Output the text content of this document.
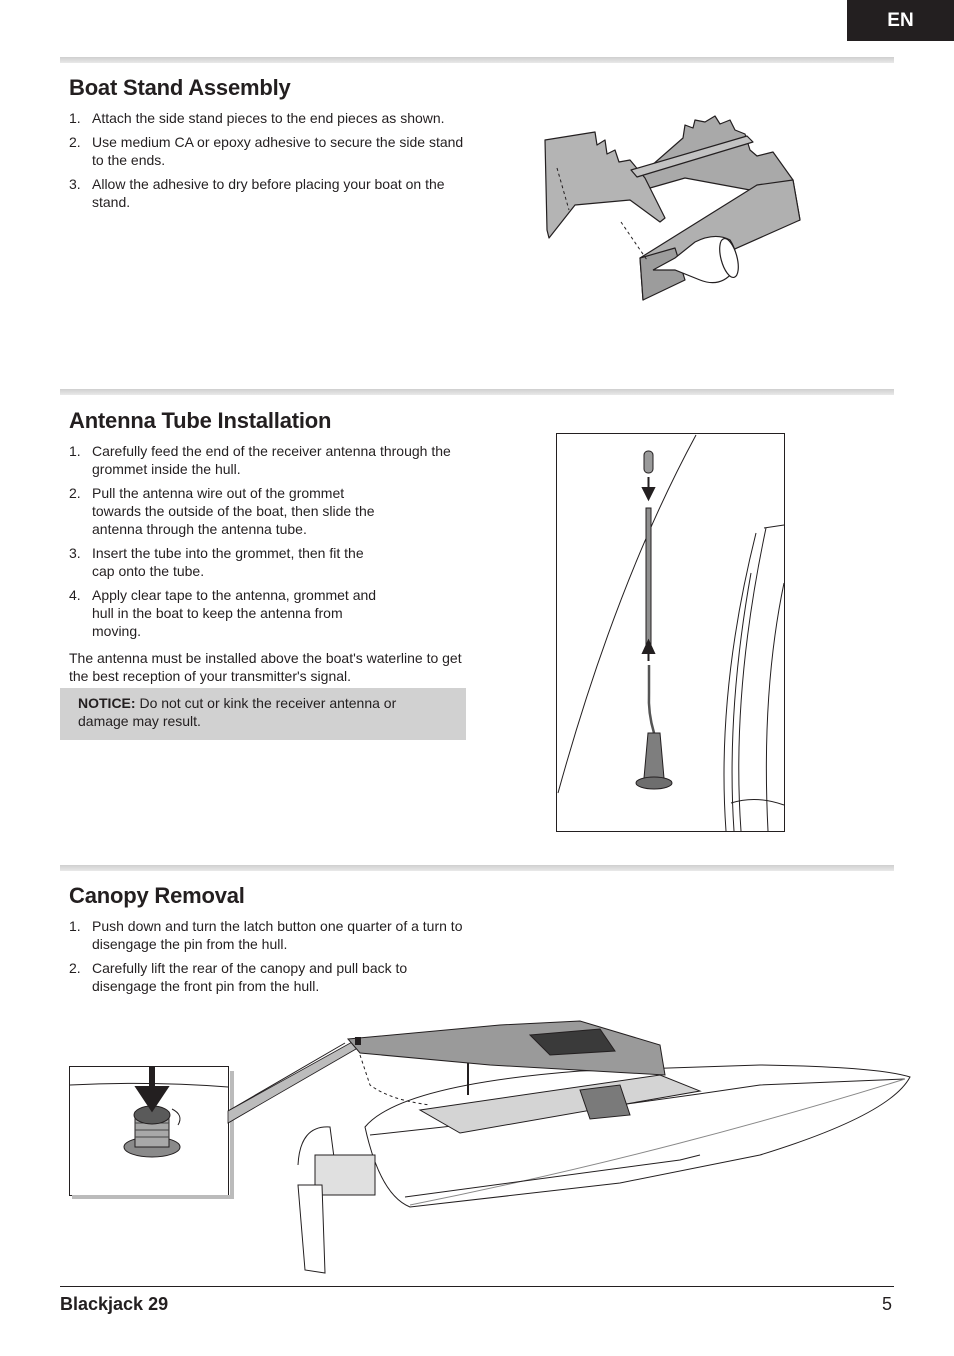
EN
Boat Stand Assembly
1. Attach the side stand pieces to the end pieces as shown.
2. Use medium CA or epoxy adhesive to secure the side stand to the ends.
3. Allow the adhesive to dry before placing your boat on the stand.
Antenna Tube Installation
1. Carefully feed the end of the receiver antenna through the grommet inside the hull.
2. Pull the antenna wire out of the grommet towards the outside of the boat, then slide the antenna through the antenna tube.
3. Insert the tube into the grommet, then fit the cap onto the tube.
4. Apply clear tape to the antenna, grommet and hull in the boat to keep the antenna from moving.

The antenna must be installed above the boat's waterline to get the best reception of your transmitter's signal.

NOTICE: Do not cut or kink the receiver antenna or damage may result.
Canopy Removal
1. Push down and turn the latch button one quarter of a turn to disengage the pin from the hull.
2. Carefully lift the rear of the canopy and pull back to disengage the front pin from the hull.
Blackjack 29	5
